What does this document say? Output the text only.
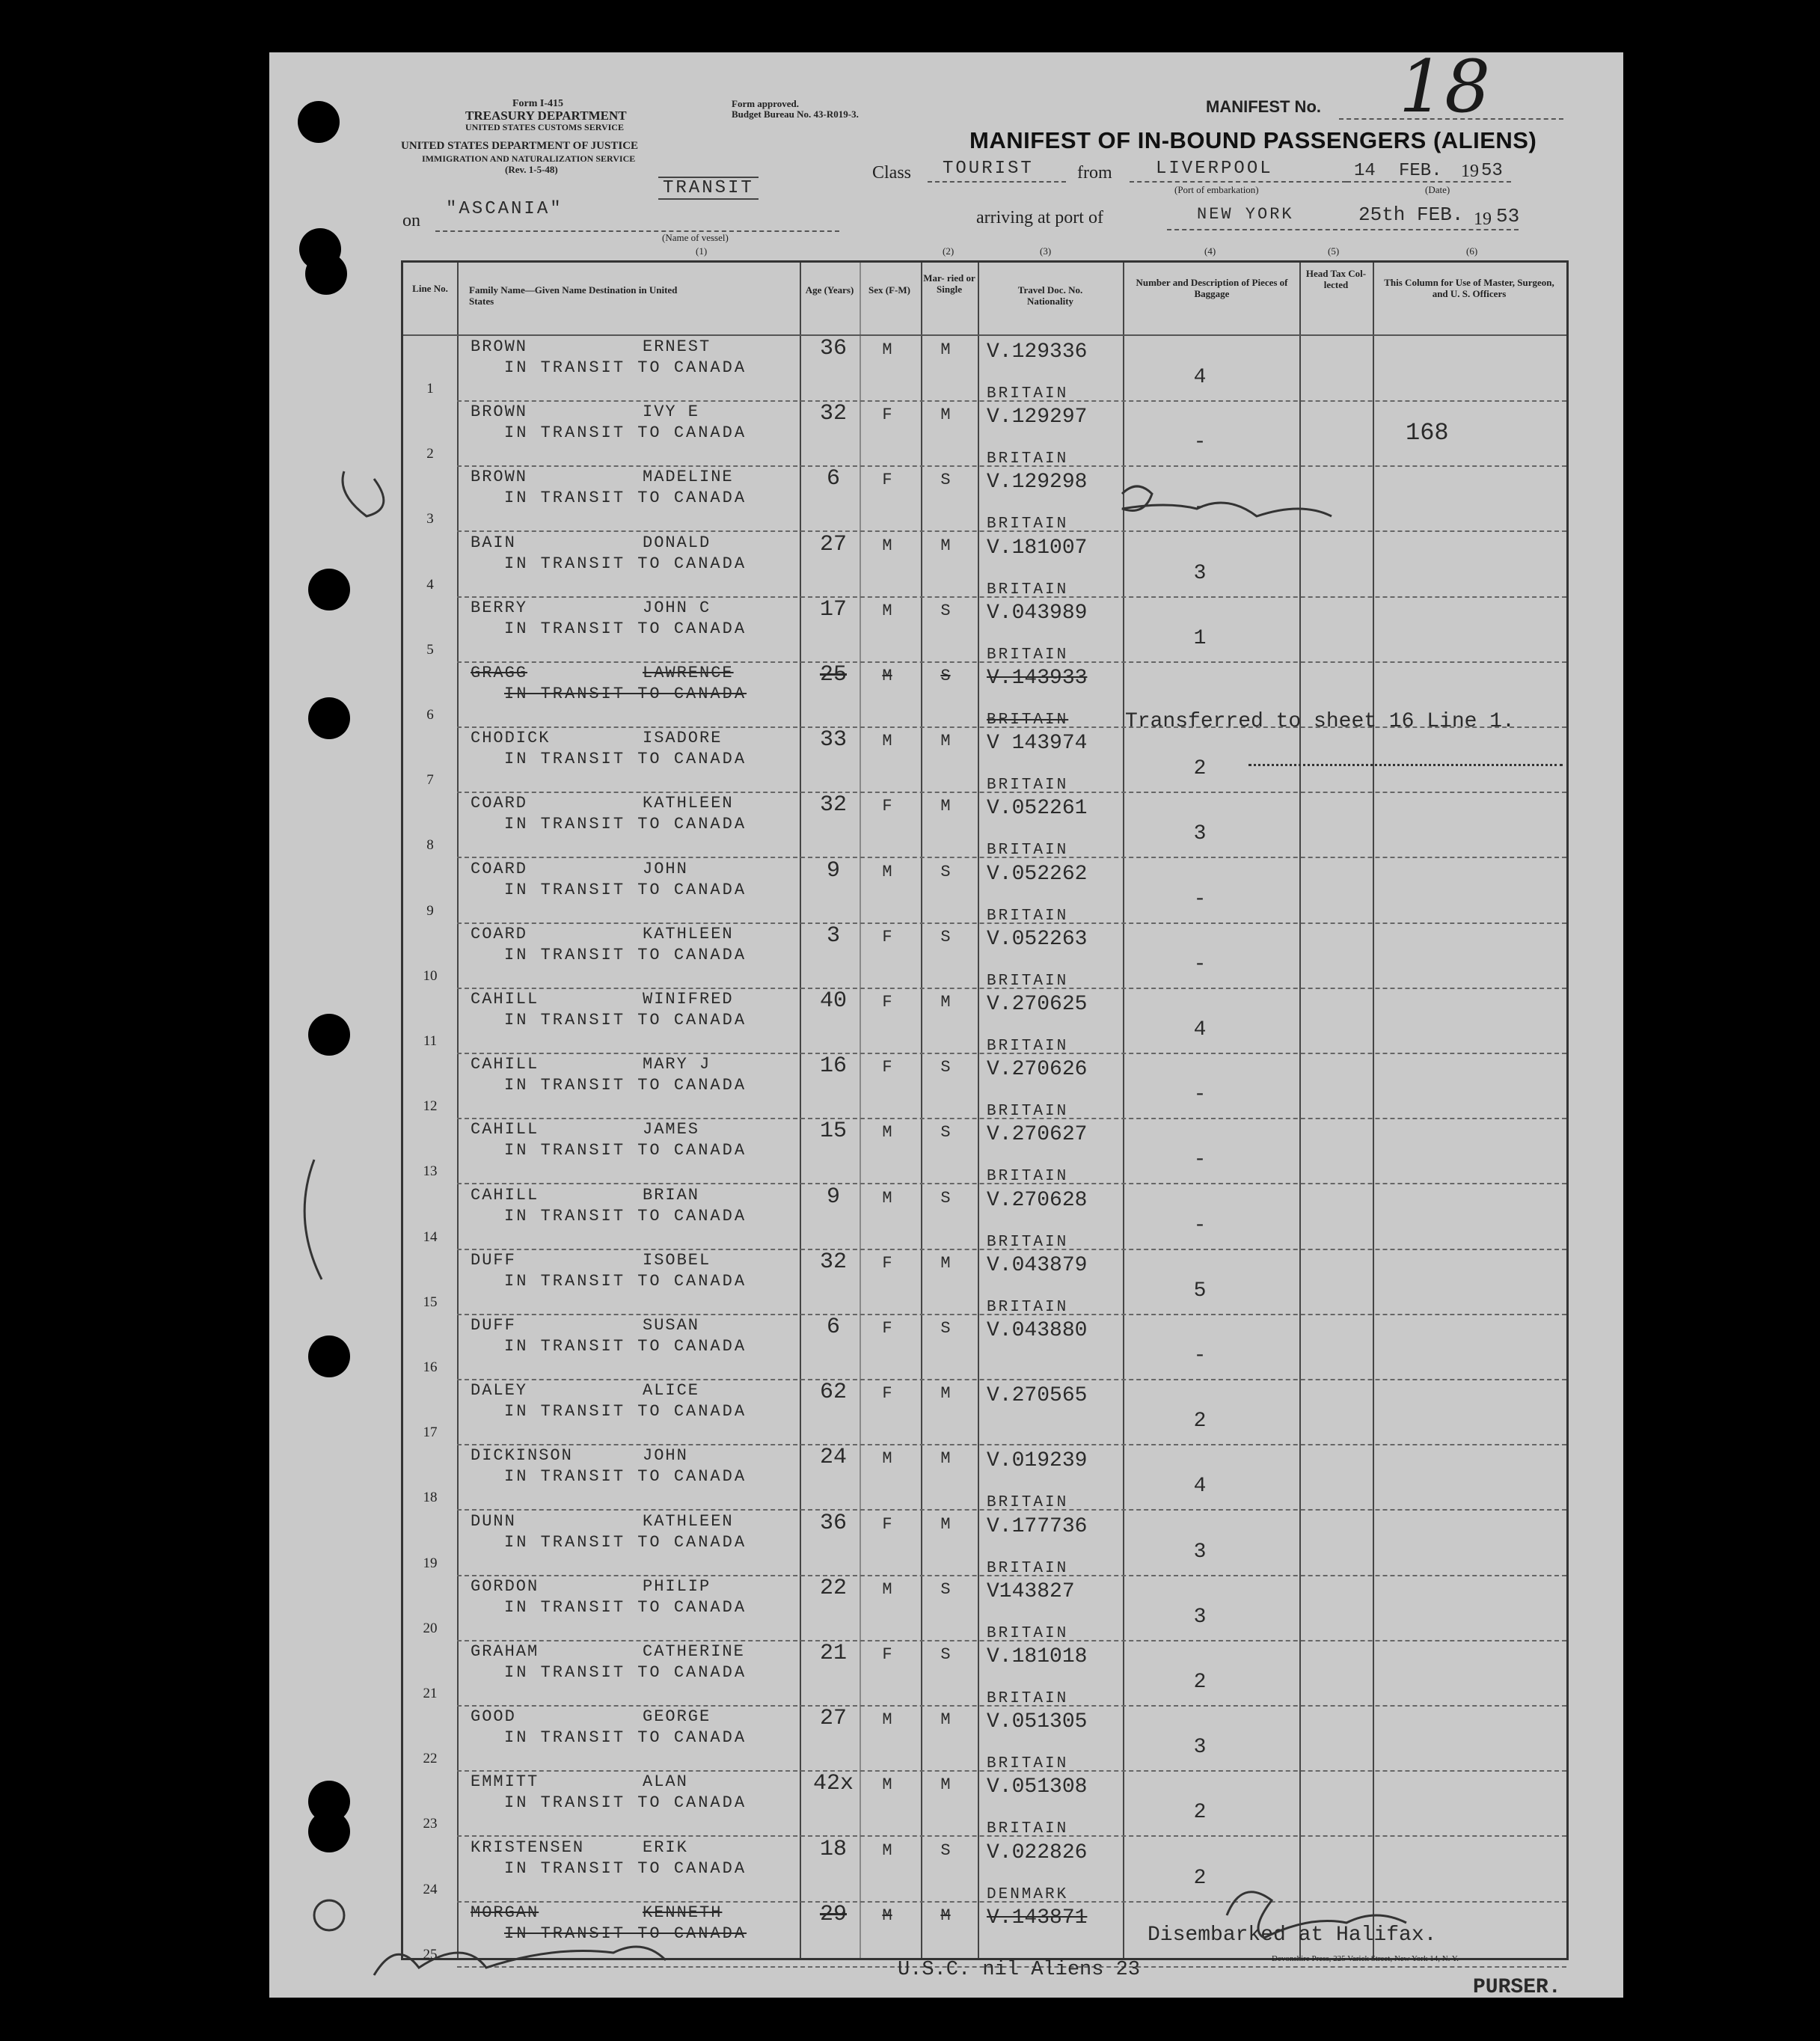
Form I-415
TREASURY DEPARTMENT
UNITED STATES CUSTOMS SERVICE
UNITED STATES DEPARTMENT OF JUSTICE
IMMIGRATION AND NATURALIZATION SERVICE
(Rev. 1-5-48)
Form approved.
Budget Bureau No. 43-R019-3.	MANIFEST No. 18
MANIFEST OF IN-BOUND PASSENGERS (ALIENS)
Class TOURIST from LIVERPOOL
(Port of embarkation)
14 FEB. 19 53
(Date)
TRANSIT
on
"ASCANIA"
(Name of vessel)
arriving at port of	NEW YORK	25th FEB. 19 53
(1)	(2)	(3)	(4)	(5)	(6)
Line No.	Family Name—Given Name Destination in United States
Age (Years)	Sex (F-M)
Mar- ried or Single	Travel Doc. No. Nationality
Number and Description of Pieces of Baggage
Head Tax Col- lected	This Column for Use of Master, Surgeon, and U. S. Officers
1
BROWN	ERNEST
IN TRANSIT TO CANADA
36	M	M	V.129336
BRITAIN
4
2
BROWN	IVY E
IN TRANSIT TO CANADA
32	F	M	V.129297
BRITAIN
-	168
3
BROWN	MADELINE
IN TRANSIT TO CANADA
6	F	S	V.129298
BRITAIN
-
4
BAIN	DONALD
IN TRANSIT TO CANADA
27	M	M	V.181007
BRITAIN
3
5
BERRY	JOHN C
IN TRANSIT TO CANADA
17	M	S	V.043989
BRITAIN
1
6
GRAGG	LAWRENCE
IN TRANSIT TO CANADA
25	M	S	V.143933
BRITAIN
7
CHODICK	ISADORE
IN TRANSIT TO CANADA
33	M	M	V 143974
BRITAIN
2
8
COARD	KATHLEEN
IN TRANSIT TO CANADA
32	F	M	V.052261
BRITAIN
3
9
COARD	JOHN
IN TRANSIT TO CANADA
9	M	S	V.052262
BRITAIN
-
10
COARD	KATHLEEN
IN TRANSIT TO CANADA
3	F	S	V.052263
BRITAIN
-
11
CAHILL	WINIFRED
IN TRANSIT TO CANADA
40	F	M	V.270625
BRITAIN
4
12
CAHILL	MARY J
IN TRANSIT TO CANADA
16	F	S	V.270626
BRITAIN
-
13
CAHILL	JAMES
IN TRANSIT TO CANADA
15	M	S	V.270627
BRITAIN
-
14
CAHILL	BRIAN
IN TRANSIT TO CANADA
9	M	S	V.270628
BRITAIN
-
15
DUFF	ISOBEL
IN TRANSIT TO CANADA
32	F	M	V.043879
BRITAIN
5
16
DUFF	SUSAN
IN TRANSIT TO CANADA
6	F	S	V.043880
-
17
DALEY	ALICE
IN TRANSIT TO CANADA
62	F	M	V.270565
2
18
DICKINSON	JOHN
IN TRANSIT TO CANADA
24	M	M	V.019239
BRITAIN
4
19
DUNN	KATHLEEN
IN TRANSIT TO CANADA
36	F	M	V.177736
BRITAIN
3
20
GORDON	PHILIP
IN TRANSIT TO CANADA
22	M	S	V143827
BRITAIN
3
21
GRAHAM	CATHERINE
IN TRANSIT TO CANADA
21	F	S	V.181018
BRITAIN
2
22
GOOD	GEORGE
IN TRANSIT TO CANADA
27	M	M	V.051305
BRITAIN
3
23
EMMITT	ALAN
IN TRANSIT TO CANADA
42x	M	M	V.051308
BRITAIN
2
24
KRISTENSEN	ERIK
IN TRANSIT TO CANADA
18	M	S	V.022826
DENMARK
2
25
MORGAN	KENNETH
IN TRANSIT TO CANADA
29	M	M	V.143871
Transferred to sheet 16 Line 1.
Disembarked at Halifax.
PURSER.
U.S.C. nil Aliens 23	Devonshire Press, 225 Varick Street, New York 14, N. Y.
